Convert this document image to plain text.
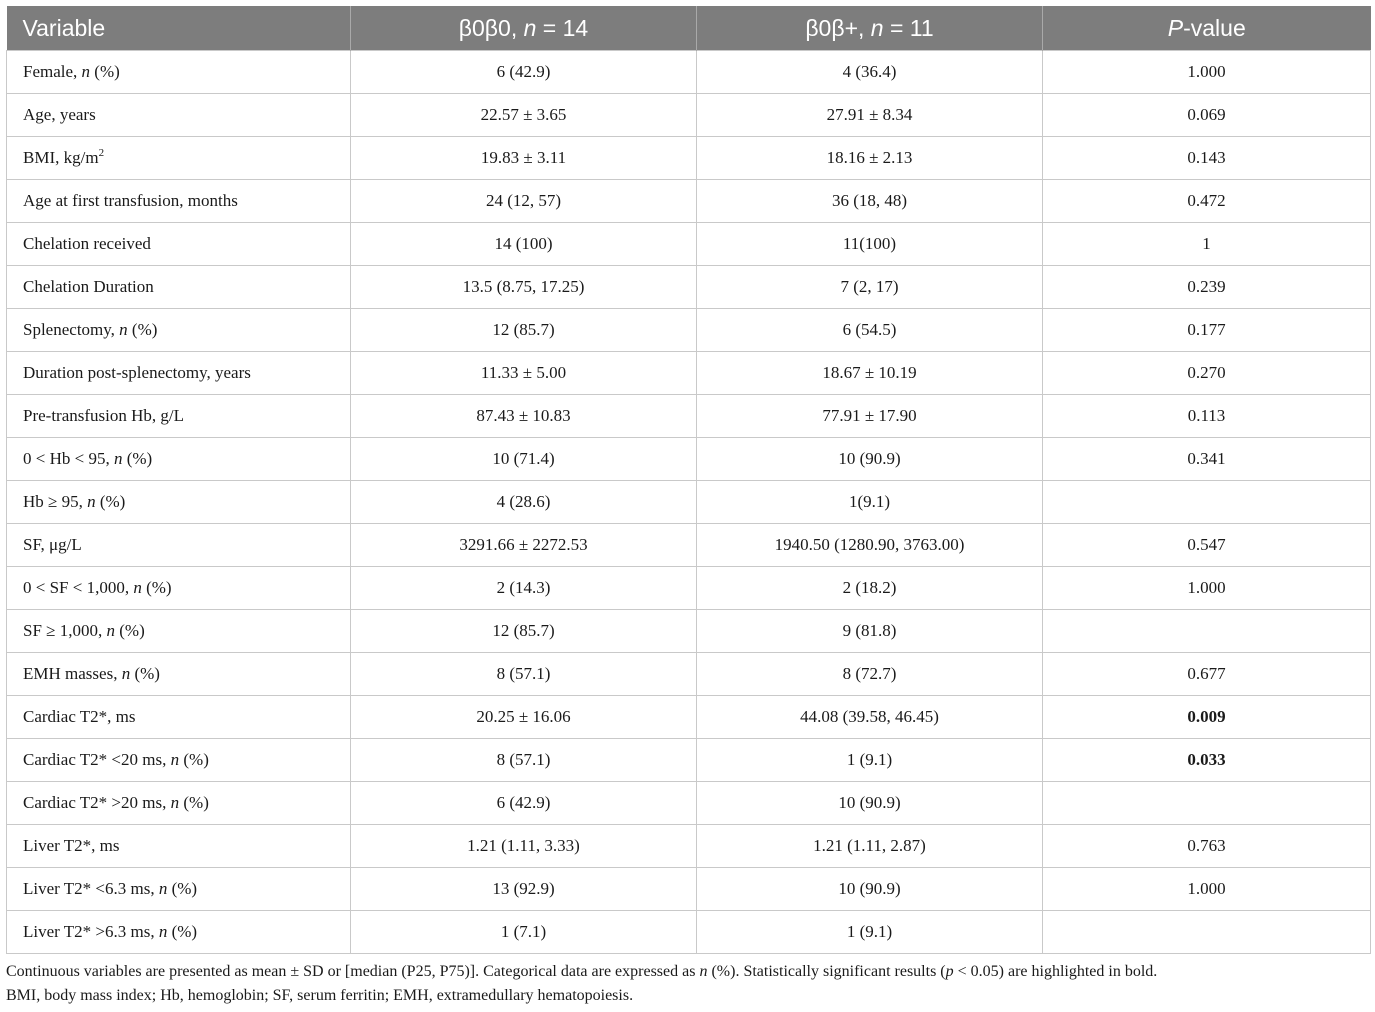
Variable	β0β0, n = 14	β0β+, n = 11	P-value
Female, n (%)	6 (42.9)	4 (36.4)	1.000
Age, years	22.57 ± 3.65	27.91 ± 8.34	0.069
BMI, $kg/m^2$	19.83 ± 3.11	18.16 ± 2.13	0.143
Age at first transfusion, months	24 (12, 57)	36 (18, 48)	0.472
Chelation received	14 (100)	11(100)	1
Chelation Duration	13.5 (8.75, 17.25)	7 (2, 17)	0.239
Splenectomy, n (%)	12 (85.7)	6 (54.5)	0.177
Duration post-splenectomy, years	11.33 ± 5.00	18.67 ± 10.19	0.270
Pre-transfusion Hb, g/L	87.43 ± 10.83	77.91 ± 17.90	0.113
0 < Hb < 95, n (%)	10 (71.4)	10 (90.9)	0.341
Hb ≥ 95, n (%)	4 (28.6)	1(9.1)	
SF, μg/L	3291.66 ± 2272.53	1940.50 (1280.90, 3763.00)	0.547
0 < SF < 1,000, n (%)	2 (14.3)	2 (18.2)	1.000
SF ≥ 1,000, n (%)	12 (85.7)	9 (81.8)	
EMH masses, n (%)	8 (57.1)	8 (72.7)	0.677
Cardiac T2*, ms	20.25 ± 16.06	44.08 (39.58, 46.45)	0.009
Cardiac T2* <20 ms, n (%)	8 (57.1)	1 (9.1)	0.033
Cardiac T2* >20 ms, n (%)	6 (42.9)	10 (90.9)	
Liver T2*, ms	1.21 (1.11, 3.33)	1.21 (1.11, 2.87)	0.763
Liver T2* <6.3 ms, n (%)	13 (92.9)	10 (90.9)	1.000
Liver T2* >6.3 ms, n (%)	1 (7.1)	1 (9.1)	
Continuous variables are presented as mean ± SD or [median (P25, P75)]. Categorical data are expressed as n (%). Statistically significant results (p < 0.05) are highlighted in bold.
BMI, body mass index; Hb, hemoglobin; SF, serum ferritin; EMH, extramedullary hematopoiesis.
